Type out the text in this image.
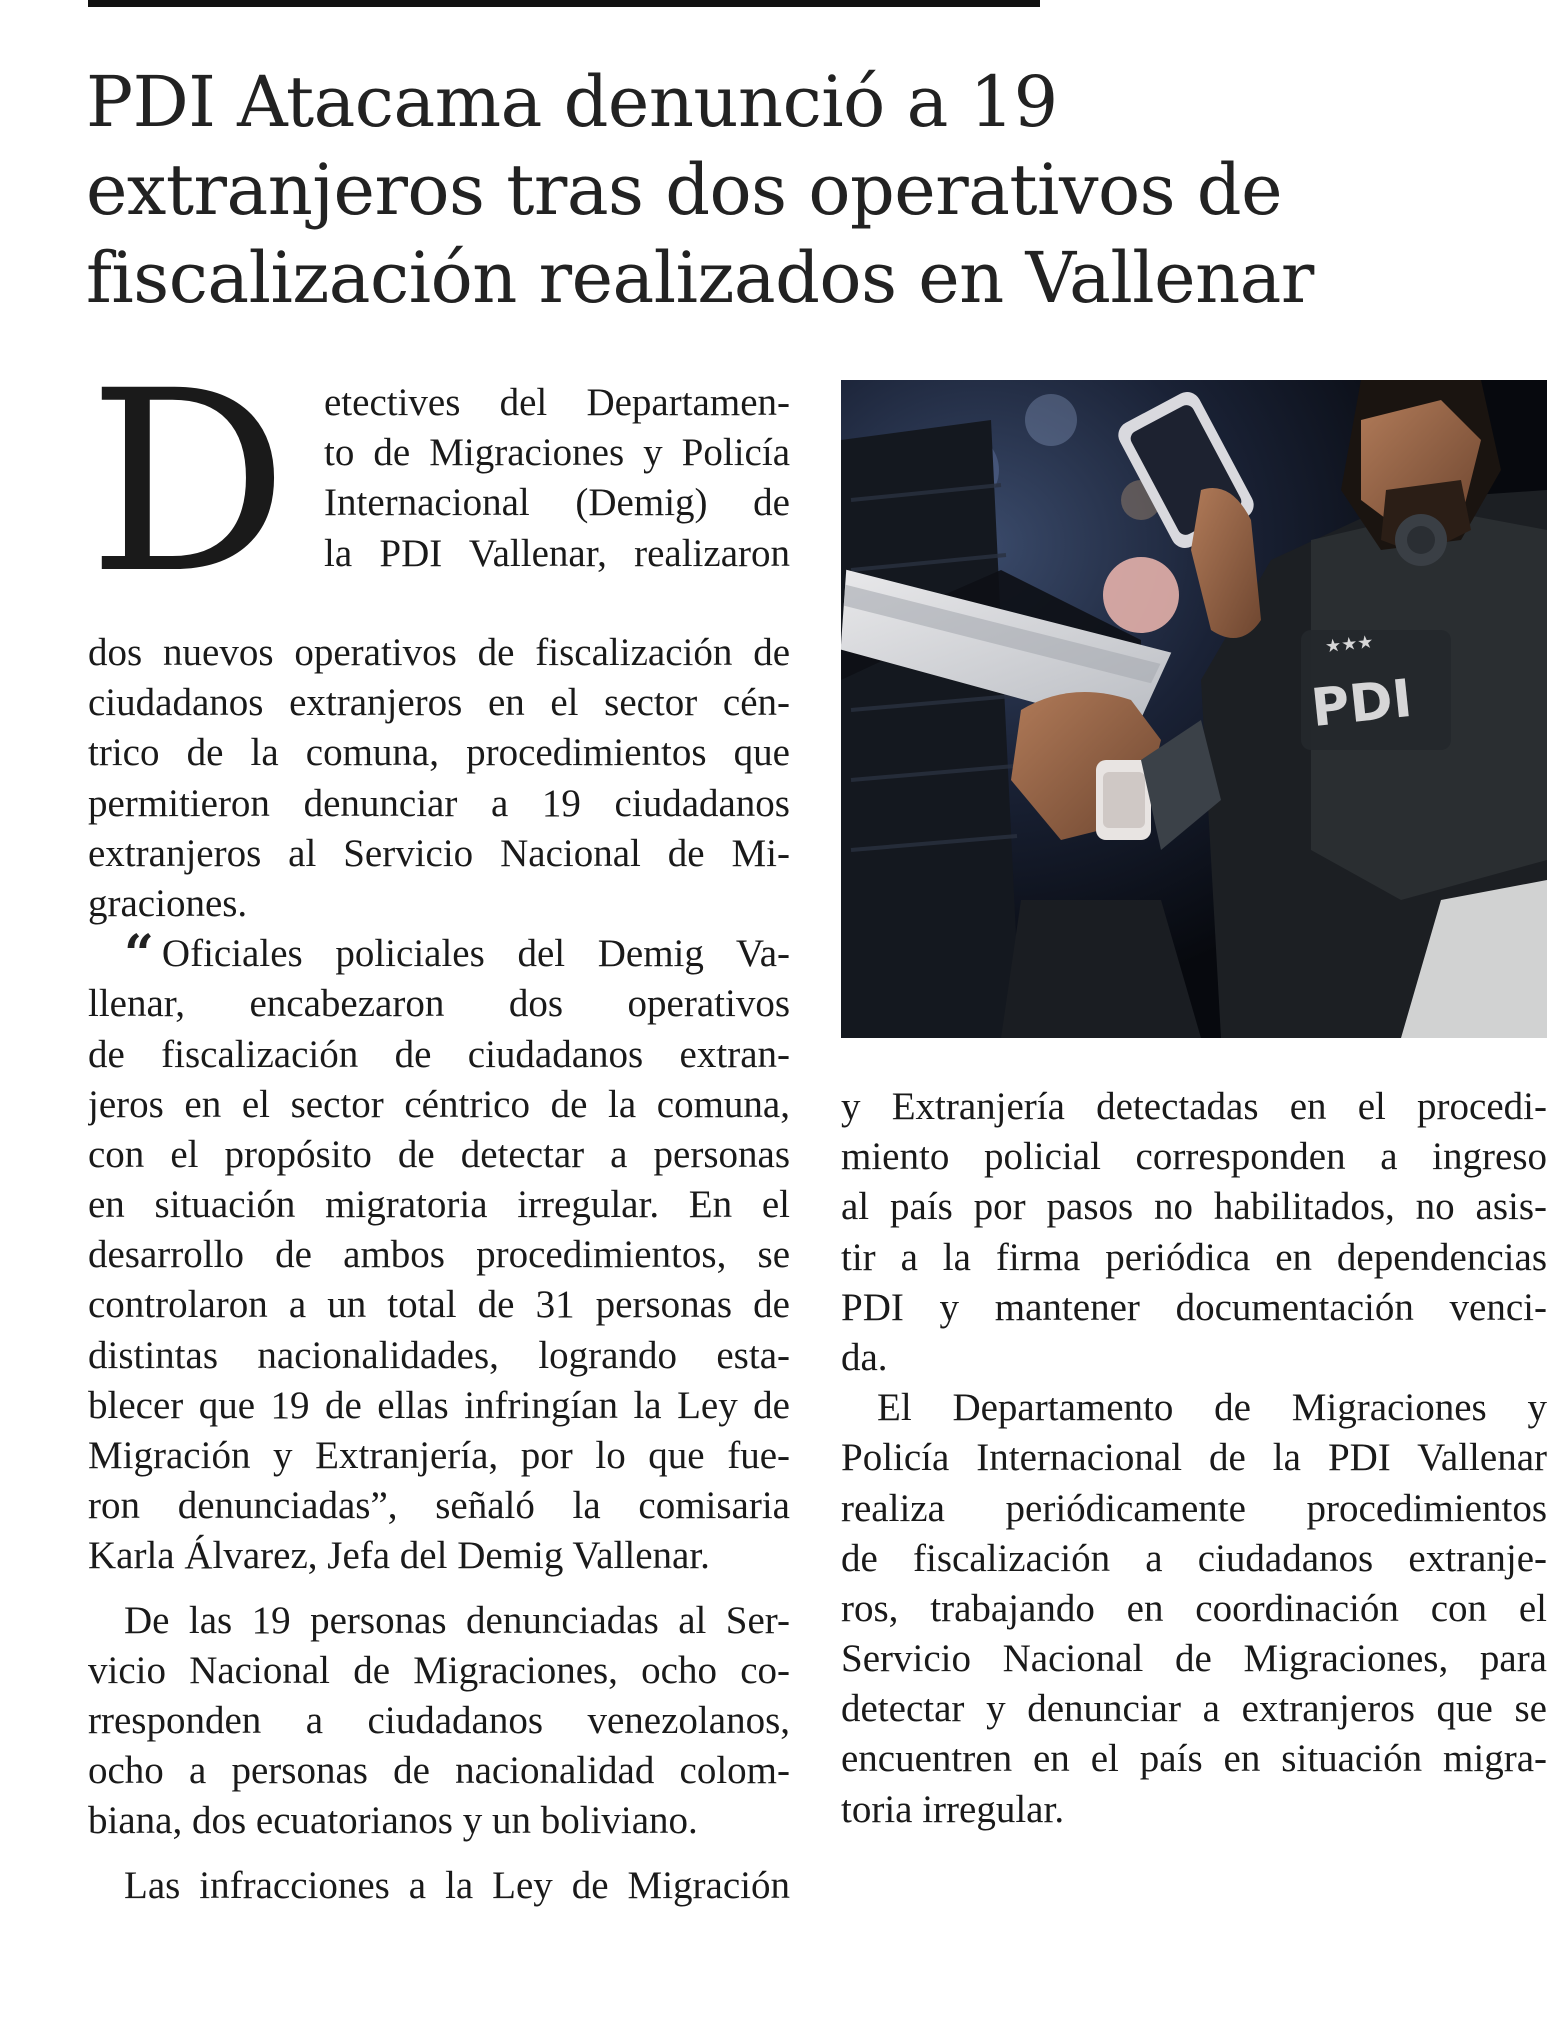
PDI Atacama denunció a 19
extranjeros tras dos operativos de
fiscalización realizados en Vallenar
D etectives del Departamen-
to de Migraciones y Policía
Internacional (Demig) de
la PDI Vallenar, realizaron
dos nuevos operativos de fiscalización de
ciudadanos extranjeros en el sector cén-
trico de la comuna, procedimientos que
permitieron denunciar a 19 ciudadanos
extranjeros al Servicio Nacional de Mi-
graciones.
“ Oficiales policiales del Demig Va-
llenar, encabezaron dos operativos
de fiscalización de ciudadanos extran-
jeros en el sector céntrico de la comuna,
con el propósito de detectar a personas
en situación migratoria irregular. En el
desarrollo de ambos procedimientos, se
controlaron a un total de 31 personas de
distintas nacionalidades, logrando esta-
blecer que 19 de ellas infringían la Ley de
Migración y Extranjería, por lo que fue-
ron denunciadas”, señaló la comisaria
Karla Álvarez, Jefa del Demig Vallenar.
De las 19 personas denunciadas al Ser-
vicio Nacional de Migraciones, ocho co-
rresponden a ciudadanos venezolanos,
ocho a personas de nacionalidad colom-
biana, dos ecuatorianos y un boliviano.
Las infracciones a la Ley de Migración
PDI
★★★
y Extranjería detectadas en el procedi-
miento policial corresponden a ingreso
al país por pasos no habilitados, no asis-
tir a la firma periódica en dependencias
PDI y mantener documentación venci-
da.
El Departamento de Migraciones y
Policía Internacional de la PDI Vallenar
realiza periódicamente procedimientos
de fiscalización a ciudadanos extranje-
ros, trabajando en coordinación con el
Servicio Nacional de Migraciones, para
detectar y denunciar a extranjeros que se
encuentren en el país en situación migra-
toria irregular.
